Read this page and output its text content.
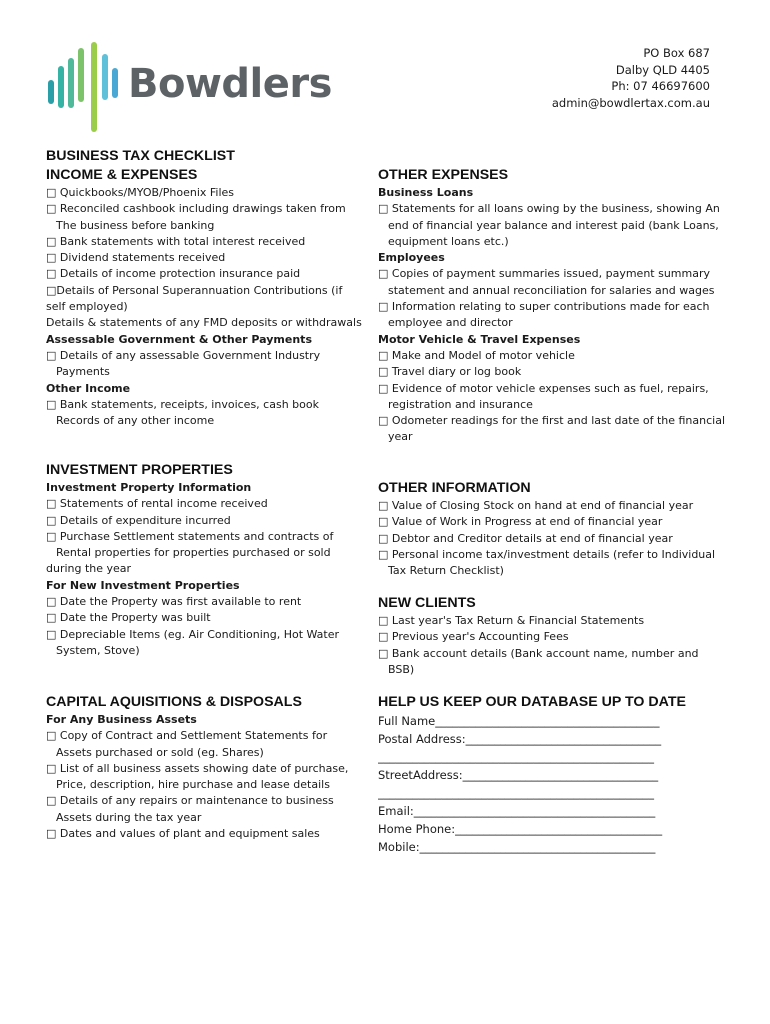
Bowdlers
PO Box 687
Dalby QLD 4405
Ph: 07 46697600
admin@bowdlertax.com.au
BUSINESS TAX CHECKLIST
INCOME & EXPENSES
□ Quickbooks/MYOB/Phoenix Files
□ Reconciled cashbook including drawings taken from The business before banking
□ Bank statements with total interest received
□ Dividend statements received
□ Details of income protection insurance paid
□Details of Personal Superannuation Contributions (if self employed)
Details & statements of any FMD deposits or withdrawals
Assessable Government & Other Payments
□ Details of any assessable Government Industry Payments
Other Income
□ Bank statements, receipts, invoices, cash book Records of any other income
INVESTMENT PROPERTIES
Investment Property Information
□ Statements of rental income received
□ Details of expenditure incurred
□ Purchase Settlement statements and contracts of
Rental properties for properties purchased or sold
during the year
For New Investment Properties
□ Date the Property was first available to rent
□ Date the Property was built
□ Depreciable Items (eg. Air Conditioning, Hot Water System, Stove)
CAPITAL AQUISITIONS & DISPOSALS
For Any Business Assets
□ Copy of Contract and Settlement Statements for Assets purchased or sold (eg. Shares)
□ List of all business assets showing date of purchase, Price, description, hire purchase and lease details
□ Details of any repairs or maintenance to business Assets during the tax year
□ Dates and values of plant and equipment sales
OTHER EXPENSES
Business Loans
□ Statements for all loans owing by the business, showing An end of financial year balance and interest paid (bank Loans, equipment loans etc.)
Employees
□ Copies of payment summaries issued, payment summary statement and annual reconciliation for salaries and wages
□ Information relating to super contributions made for each employee and director
Motor Vehicle & Travel Expenses
□ Make and Model of motor vehicle
□ Travel diary or log book
□ Evidence of motor vehicle expenses such as fuel, repairs, registration and insurance
□ Odometer readings for the first and last date of the financial year
OTHER INFORMATION
□ Value of Closing Stock on hand at end of financial year
□ Value of Work in Progress at end of financial year
□ Debtor and Creditor details at end of financial year
□ Personal income tax/investment details (refer to Individual Tax Return Checklist)
NEW CLIENTS
□ Last year's Tax Return & Financial Statements
□ Previous year's Accounting Fees
□ Bank account details (Bank account name, number and BSB)
HELP US KEEP OUR DATABASE UP TO DATE
Full Name_______________________________________
Postal Address:__________________________________
________________________________________________
StreetAddress:__________________________________
________________________________________________
Email:__________________________________________
Home Phone:____________________________________
Mobile:_________________________________________
